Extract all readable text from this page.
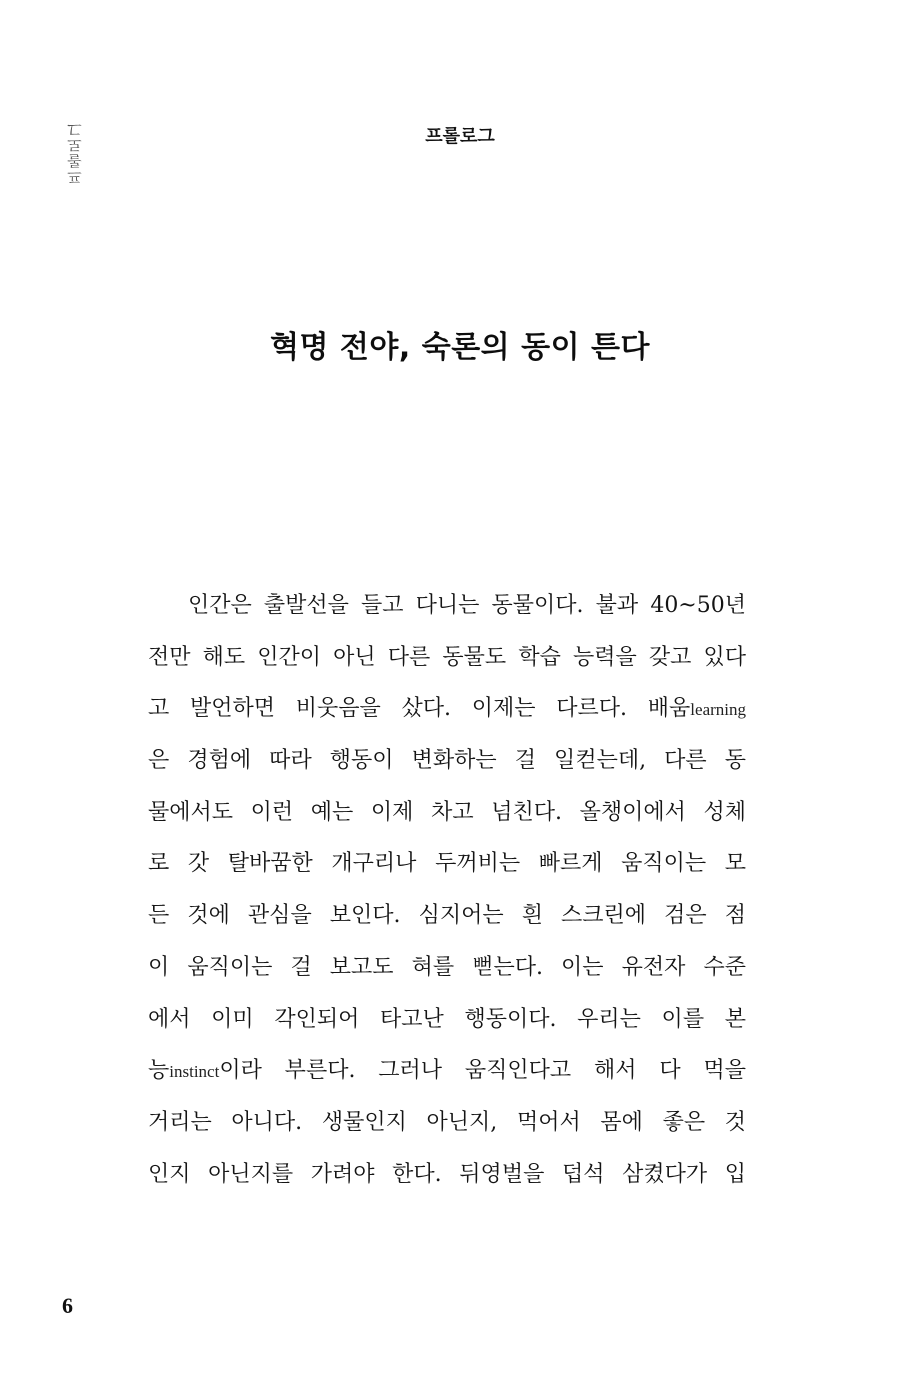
프롤로그	프롤로그
혁명 전야, 숙론의 동이 튼다
인간은 출발선을 들고 다니는 동물이다. 불과 40~50년
전만 해도 인간이 아닌 다른 동물도 학습 능력을 갖고 있다
고 발언하면 비웃음을 샀다. 이제는 다르다. 배움learning
은 경험에 따라 행동이 변화하는 걸 일컫는데, 다른 동
물에서도 이런 예는 이제 차고 넘친다. 올챙이에서 성체
로 갓 탈바꿈한 개구리나 두꺼비는 빠르게 움직이는 모
든 것에 관심을 보인다. 심지어는 흰 스크린에 검은 점
이 움직이는 걸 보고도 혀를 뻗는다. 이는 유전자 수준
에서 이미 각인되어 타고난 행동이다. 우리는 이를 본
능instinct이라 부른다. 그러나 움직인다고 해서 다 먹을
거리는 아니다. 생물인지 아닌지, 먹어서 몸에 좋은 것
인지 아닌지를 가려야 한다. 뒤영벌을 덥석 삼켰다가 입
6
